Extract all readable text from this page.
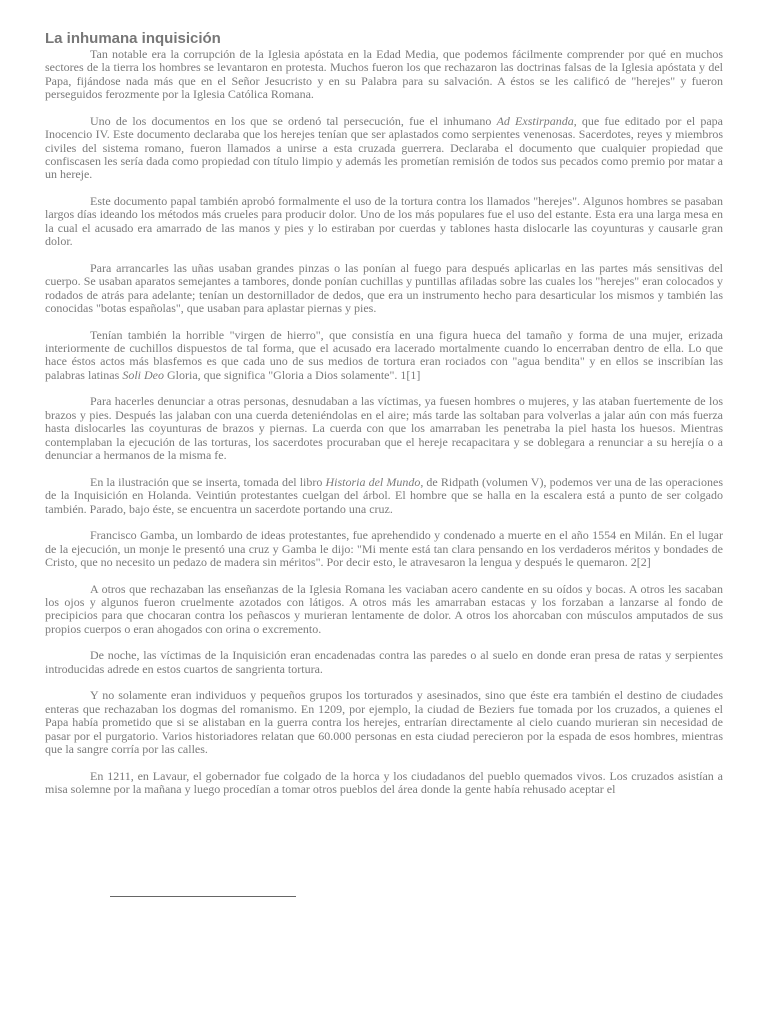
La inhumana inquisición

Tan notable era la corrupción de la Iglesia apóstata en la Edad Media, que podemos fácilmente comprender por qué en muchos sectores de la tierra los hombres se levantaron en protesta. Muchos fueron los que rechazaron las doctrinas falsas de la Iglesia apóstata y del Papa, fijándose nada más que en el Señor Jesucristo y en su Palabra para su salvación. A éstos se les calificó de "herejes" y fueron perseguidos ferozmente por la Iglesia Católica Romana.

Uno de los documentos en los que se ordenó tal persecución, fue el inhumano Ad Exstirpanda, que fue editado por el papa Inocencio IV. Este documento declaraba que los herejes tenían que ser aplastados como serpientes venenosas. Sacerdotes, reyes y miembros civiles del sistema romano, fueron llamados a unirse a esta cruzada guerrera. Declaraba el documento que cualquier propiedad que confiscasen les sería dada como propiedad con título limpio y además les prometían remisión de todos sus pecados como premio por matar a un hereje.

Este documento papal también aprobó formalmente el uso de la tortura contra los llamados "herejes". Algunos hombres se pasaban largos días ideando los métodos más crueles para producir dolor. Uno de los más populares fue el uso del estante. Esta era una larga mesa en la cual el acusado era amarrado de las manos y pies y lo estiraban por cuerdas y tablones hasta dislocarle las coyunturas y causarle gran dolor.

Para arrancarles las uñas usaban grandes pinzas o las ponían al fuego para después aplicarlas en las partes más sensitivas del cuerpo. Se usaban aparatos semejantes a tambores, donde ponían cuchillas y puntillas afiladas sobre las cuales los "herejes" eran colocados y rodados de atrás para adelante; tenían un destornillador de dedos, que era un instrumento hecho para desarticular los mismos y también las conocidas "botas españolas", que usaban para aplastar piernas y pies.

Tenían también la horrible "virgen de hierro", que consistía en una figura hueca del tamaño y forma de una mujer, erizada interiormente de cuchillos dispuestos de tal forma, que el acusado era lacerado mortalmente cuando lo encerraban dentro de ella. Lo que hace éstos actos más blasfemos es que cada uno de sus medios de tortura eran rociados con "agua bendita" y en ellos se inscribían las palabras latinas Soli Deo Gloria, que significa "Gloria a Dios solamente". 1[1]

Para hacerles denunciar a otras personas, desnudaban a las víctimas, ya fuesen hombres o mujeres, y las ataban fuertemente de los brazos y pies. Después las jalaban con una cuerda deteniéndolas en el aire; más tarde las soltaban para volverlas a jalar aún con más fuerza hasta dislocarles las coyunturas de brazos y piernas. La cuerda con que los amarraban les penetraba la piel hasta los huesos. Mientras contemplaban la ejecución de las torturas, los sacerdotes procuraban que el hereje recapacitara y se doblegara a renunciar a su herejía o a denunciar a hermanos de la misma fe.

En la ilustración que se inserta, tomada del libro Historia del Mundo, de Ridpath (volumen V), podemos ver una de las operaciones de la Inquisición en Holanda. Veintiún protestantes cuelgan del árbol. El hombre que se halla en la escalera está a punto de ser colgado también. Parado, bajo éste, se encuentra un sacerdote portando una cruz.

Francisco Gamba, un lombardo de ideas protestantes, fue aprehendido y condenado a muerte en el año 1554 en Milán. En el lugar de la ejecución, un monje le presentó una cruz y Gamba le dijo: "Mi mente está tan clara pensando en los verdaderos méritos y bondades de Cristo, que no necesito un pedazo de madera sin méritos". Por decir esto, le atravesaron la lengua y después le quemaron. 2[2]

A otros que rechazaban las enseñanzas de la Iglesia Romana les vaciaban acero candente en su oídos y bocas. A otros les sacaban los ojos y algunos fueron cruelmente azotados con látigos. A otros más les amarraban estacas y los forzaban a lanzarse al fondo de precipicios para que chocaran contra los peñascos y murieran lentamente de dolor. A otros los ahorcaban con músculos amputados de sus propios cuerpos o eran ahogados con orina o excremento.

De noche, las víctimas de la Inquisición eran encadenadas contra las paredes o al suelo en donde eran presa de ratas y serpientes introducidas adrede en estos cuartos de sangrienta tortura.

Y no solamente eran individuos y pequeños grupos los torturados y asesinados, sino que éste era también el destino de ciudades enteras que rechazaban los dogmas del romanismo. En 1209, por ejemplo, la ciudad de Beziers fue tomada por los cruzados, a quienes el Papa había prometido que si se alistaban en la guerra contra los herejes, entrarían directamente al cielo cuando murieran sin necesidad de pasar por el purgatorio. Varios historiadores relatan que 60.000 personas en esta ciudad perecieron por la espada de esos hombres, mientras que la sangre corría por las calles.

En 1211, en Lavaur, el gobernador fue colgado de la horca y los ciudadanos del pueblo quemados vivos. Los cruzados asistían a misa solemne por la mañana y luego procedían a tomar otros pueblos del área donde la gente había rehusado aceptar el
